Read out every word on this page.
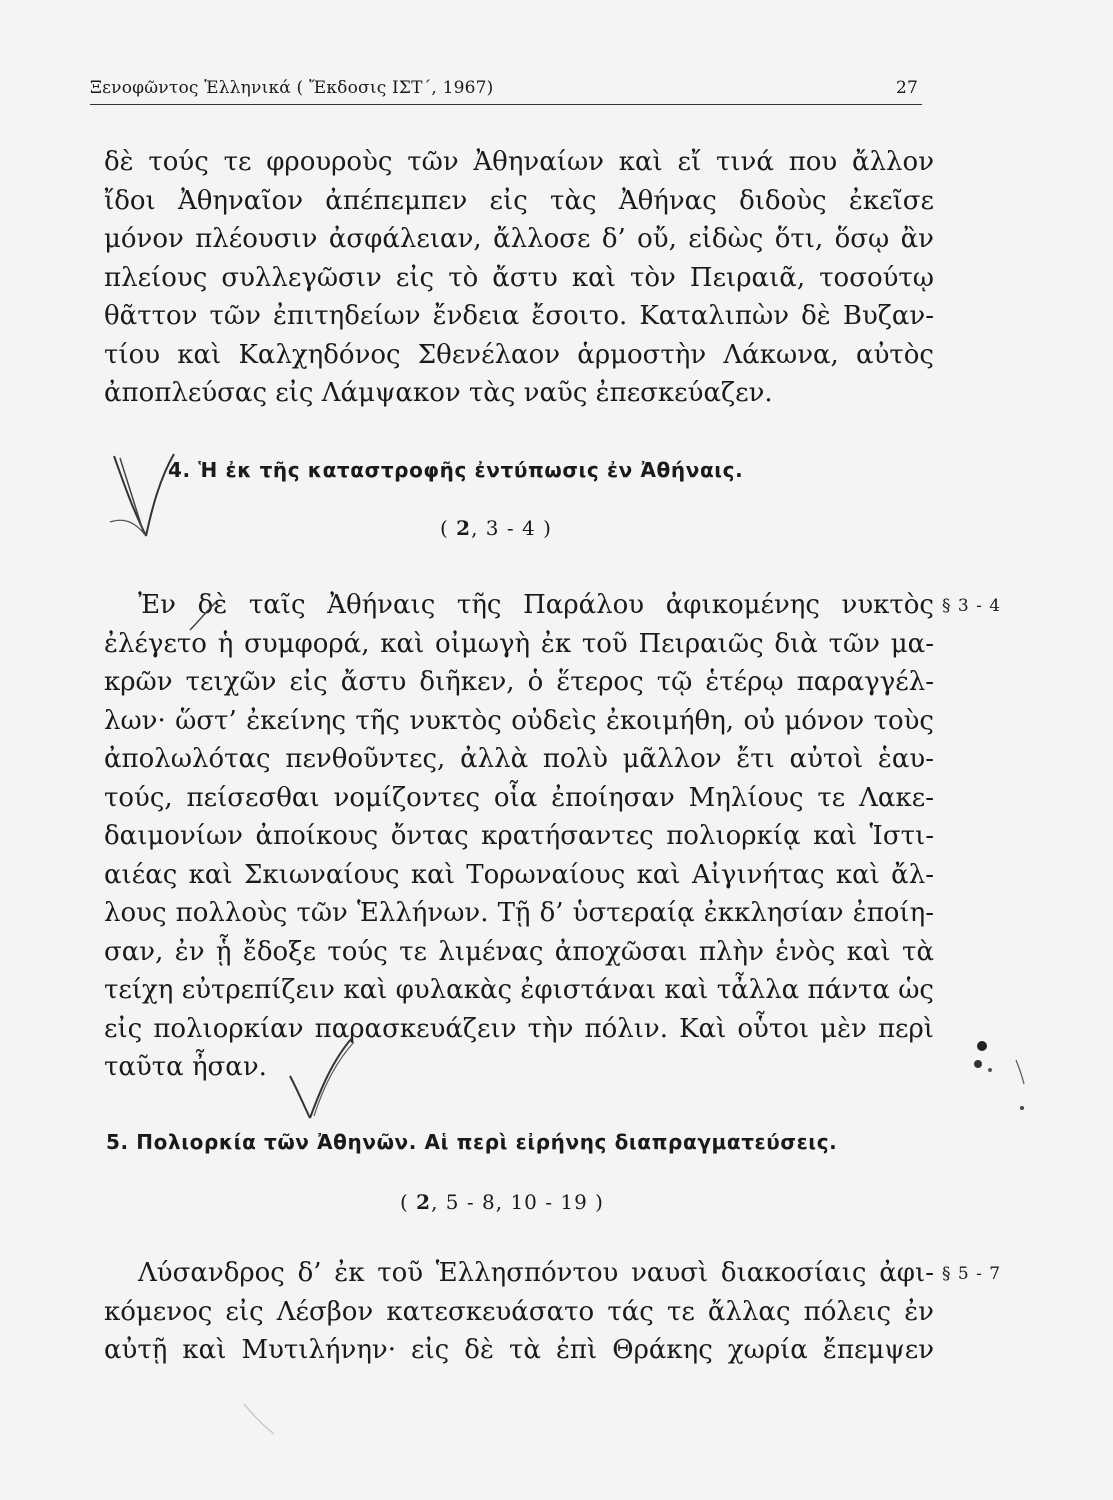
Ξενοφῶντος Ἑλληνικά ( Ἔκδοσις ΙΣΤ΄, 1967)	27
δὲ τούς τε φρουροὺς τῶν Ἀθηναίων καὶ εἴ τινά που ἄλλον
ἴδοι Ἀθηναῖον ἀπέπεμπεν εἰς τὰς Ἀθήνας διδοὺς ἐκεῖσε
μόνον πλέουσιν ἀσφάλειαν, ἄλλοσε δ’ οὔ, εἰδὼς ὅτι, ὅσῳ ἂν
πλείους συλλεγῶσιν εἰς τὸ ἄστυ καὶ τὸν Πειραιᾶ, τοσούτῳ
θᾶττον τῶν ἐπιτηδείων ἔνδεια ἔσοιτο. Καταλιπὼν δὲ Βυζαν-
τίου καὶ Καλχηδόνος Σθενέλαον ἁρμοστὴν Λάκωνα, αὐτὸς
ἀποπλεύσας εἰς Λάμψακον τὰς ναῦς ἐπεσκεύαζεν.
4. Ἡ ἐκ τῆς καταστροφῆς ἐντύπωσις ἐν Ἀθήναις.
( 2, 3 - 4 )
Ἐν δὲ ταῖς Ἀθήναις τῆς Παράλου ἀφικομένης νυκτὸς
ἐλέγετο ἡ συμφορά, καὶ οἰμωγὴ ἐκ τοῦ Πειραιῶς διὰ τῶν μα-
κρῶν τειχῶν εἰς ἄστυ διῆκεν, ὁ ἕτερος τῷ ἑτέρῳ παραγγέλ-
λων· ὥστ’ ἐκείνης τῆς νυκτὸς οὐδεὶς ἐκοιμήθη, οὐ μόνον τοὺς
ἀπολωλότας πενθοῦντες, ἀλλὰ πολὺ μᾶλλον ἔτι αὐτοὶ ἑαυ-
τούς, πείσεσθαι νομίζοντες οἷα ἐποίησαν Μηλίους τε Λακε-
δαιμονίων ἀποίκους ὄντας κρατήσαντες πολιορκίᾳ καὶ Ἱστι-
αιέας καὶ Σκιωναίους καὶ Τορωναίους καὶ Αἰγινήτας καὶ ἄλ-
λους πολλοὺς τῶν Ἑλλήνων. Τῇ δ’ ὑστεραίᾳ ἐκκλησίαν ἐποίη-
σαν, ἐν ᾗ ἔδοξε τούς τε λιμένας ἀποχῶσαι πλὴν ἑνὸς καὶ τὰ
τείχη εὐτρεπίζειν καὶ φυλακὰς ἐφιστάναι καὶ τἆλλα πάντα ὡς
εἰς πολιορκίαν παρασκευάζειν τὴν πόλιν. Καὶ οὗτοι μὲν περὶ
ταῦτα ἦσαν.
§ 3 - 4
5. Πολιορκία τῶν Ἀθηνῶν. Αἱ περὶ εἰρήνης διαπραγματεύσεις.
( 2, 5 - 8, 10 - 19 )
Λύσανδρος δ’ ἐκ τοῦ Ἑλλησπόντου ναυσὶ διακοσίαις ἀφι-
κόμενος εἰς Λέσβον κατεσκευάσατο τάς τε ἄλλας πόλεις ἐν
αὐτῇ καὶ Μυτιλήνην· εἰς δὲ τὰ ἐπὶ Θράκης χωρία ἔπεμψεν
§ 5 - 7
